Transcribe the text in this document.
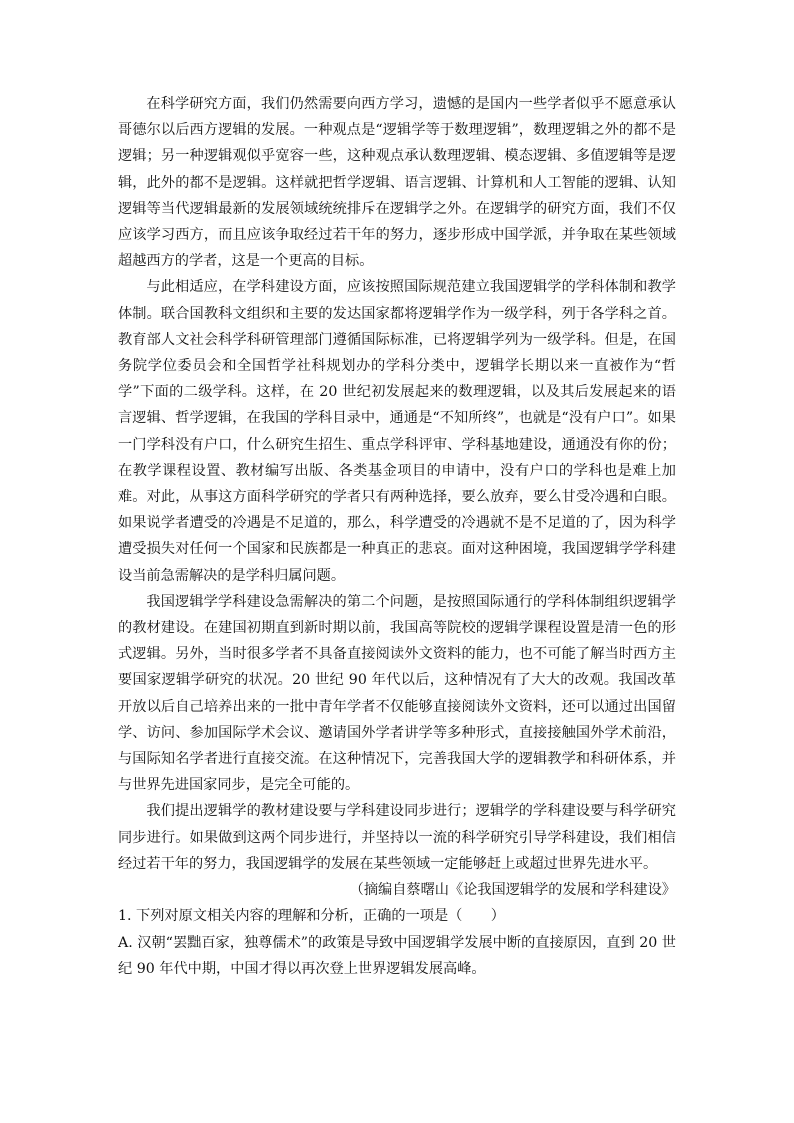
在科学研究方面，我们仍然需要向西方学习，遗憾的是国内一些学者似乎不愿意承认哥德尔以后西方逻辑的发展。一种观点是“逻辑学等于数理逻辑”，数理逻辑之外的都不是逻辑；另一种逻辑观似乎宽容一些，这种观点承认数理逻辑、模态逻辑、多值逻辑等是逻辑，此外的都不是逻辑。这样就把哲学逻辑、语言逻辑、计算机和人工智能的逻辑、认知逻辑等当代逻辑最新的发展领域统统排斥在逻辑学之外。在逻辑学的研究方面，我们不仅应该学习西方，而且应该争取经过若干年的努力，逐步形成中国学派，并争取在某些领域超越西方的学者，这是一个更高的目标。

与此相适应，在学科建设方面，应该按照国际规范建立我国逻辑学的学科体制和教学体制。联合国教科文组织和主要的发达国家都将逻辑学作为一级学科，列于各学科之首。教育部人文社会科学科研管理部门遵循国际标准，已将逻辑学列为一级学科。但是，在国务院学位委员会和全国哲学社科规划办的学科分类中，逻辑学长期以来一直被作为“哲学”下面的二级学科。这样，在 20 世纪初发展起来的数理逻辑，以及其后发展起来的语言逻辑、哲学逻辑，在我国的学科目录中，通通是“不知所终”，也就是“没有户口”。如果一门学科没有户口，什么研究生招生、重点学科评审、学科基地建设，通通没有你的份；在教学课程设置、教材编写出版、各类基金项目的申请中，没有户口的学科也是难上加难。对此，从事这方面科学研究的学者只有两种选择，要么放弃，要么甘受冷遇和白眼。如果说学者遭受的冷遇是不足道的，那么，科学遭受的冷遇就不是不足道的了，因为科学遭受损失对任何一个国家和民族都是一种真正的悲哀。面对这种困境，我国逻辑学学科建设当前急需解决的是学科归属问题。

我国逻辑学学科建设急需解决的第二个问题，是按照国际通行的学科体制组织逻辑学的教材建设。在建国初期直到新时期以前，我国高等院校的逻辑学课程设置是清一色的形式逻辑。另外，当时很多学者不具备直接阅读外文资料的能力，也不可能了解当时西方主要国家逻辑学研究的状况。20 世纪 90 年代以后，这种情况有了大大的改观。我国改革开放以后自己培养出来的一批中青年学者不仅能够直接阅读外文资料，还可以通过出国留学、访问、参加国际学术会议、邀请国外学者讲学等多种形式，直接接触国外学术前沿，与国际知名学者进行直接交流。在这种情况下，完善我国大学的逻辑教学和科研体系，并与世界先进国家同步，是完全可能的。

我们提出逻辑学的教材建设要与学科建设同步进行；逻辑学的学科建设要与科学研究同步进行。如果做到这两个同步进行，并坚持以一流的科学研究引导学科建设，我们相信经过若干年的努力，我国逻辑学的发展在某些领域一定能够赶上或超过世界先进水平。

（摘编自蔡曙山《论我国逻辑学的发展和学科建设》

1. 下列对原文相关内容的理解和分析，正确的一项是（　　）

A. 汉朝“罢黜百家，独尊儒术”的政策是导致中国逻辑学发展中断的直接原因，直到 20 世纪 90 年代中期，中国才得以再次登上世界逻辑发展高峰。
